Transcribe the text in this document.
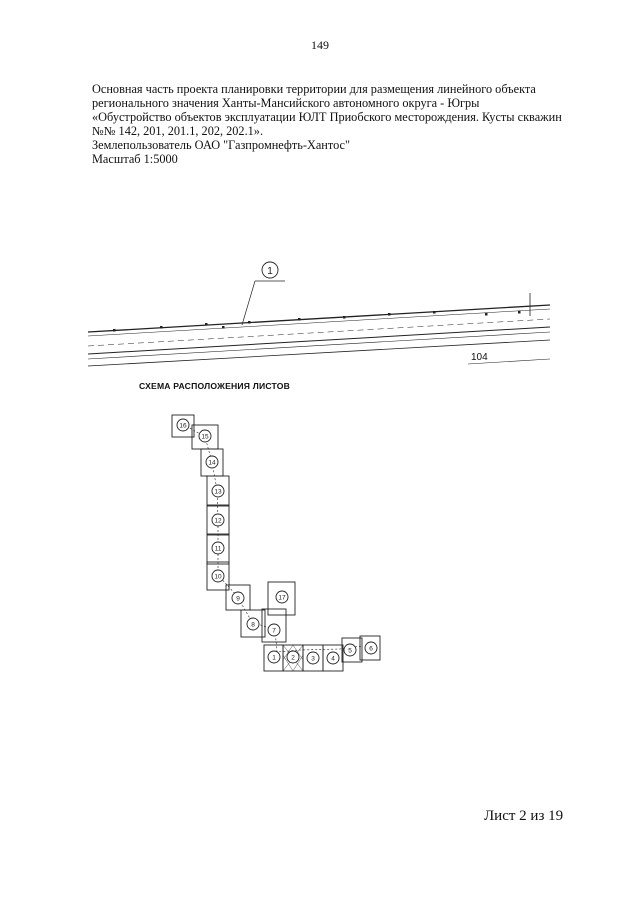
149
Основная часть проекта планировки территории для размещения линейного объекта
регионального значения Ханты-Мансийского автономного округа - Югры
«Обустройство объектов эксплуатации ЮЛТ Приобского месторождения. Кусты скважин
№№ 142, 201, 201.1, 202, 202.1».
Землепользователь ОАО "Газпромнефть-Хантос"
Масштаб 1:5000
1
16
15
14
13
12
11
10
9
8
7
17
1 2	3	4
5	6
104
СХЕМА РАСПОЛОЖЕНИЯ ЛИСТОВ
Лист 2 из 19
